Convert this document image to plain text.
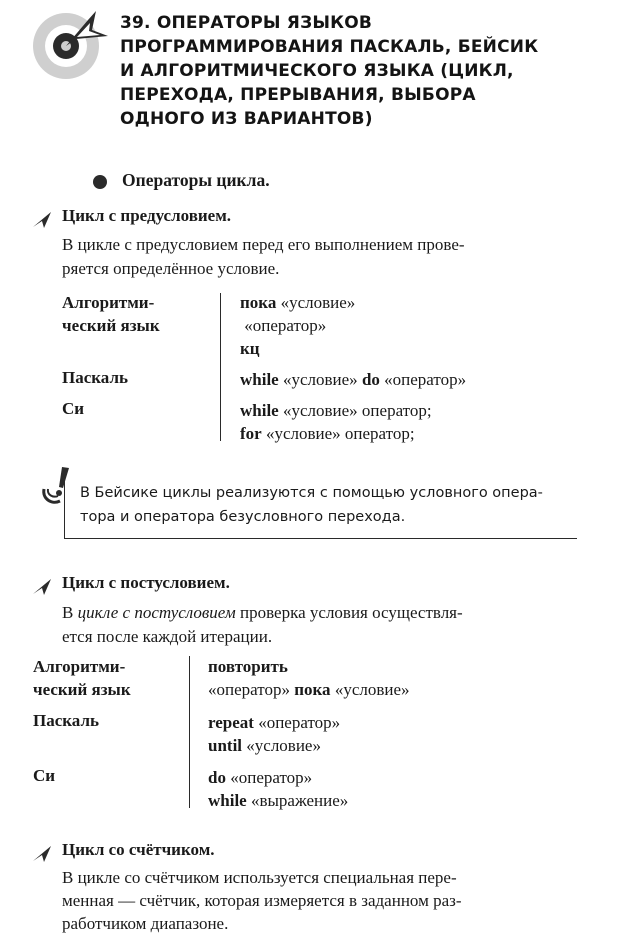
39. ОПЕРАТОРЫ ЯЗЫКОВ
ПРОГРАММИРОВАНИЯ ПАСКАЛЬ, БЕЙСИК
И АЛГОРИТМИЧЕСКОГО ЯЗЫКА (ЦИКЛ,
ПЕРЕХОДА, ПРЕРЫВАНИЯ, ВЫБОРА
ОДНОГО ИЗ ВАРИАНТОВ)
Операторы цикла.
Цикл с предусловием.
В цикле с предусловием перед его выполнением прове-
ряется определённое условие.
Алгоритми-
ческий язык
Паскаль
Си
пока «условие»
«оператор»
кц
while «условие» do «оператор»
while «условие» оператор;
for «условие» оператор;
В Бейсике циклы реализуются с помощью условного опера-
тора и оператора безусловного перехода.
Цикл с постусловием.
В цикле с постусловием проверка условия осуществля-
ется после каждой итерации.
Алгоритми-
ческий язык
Паскаль
Си
повторить
«оператор» пока «условие»
repeat «оператор»
until «условие»
do «оператор»
while «выражение»
Цикл со счётчиком.
В цикле со счётчиком используется специальная пере-
менная — счётчик, которая измеряется в заданном раз-
работчиком диапазоне.
